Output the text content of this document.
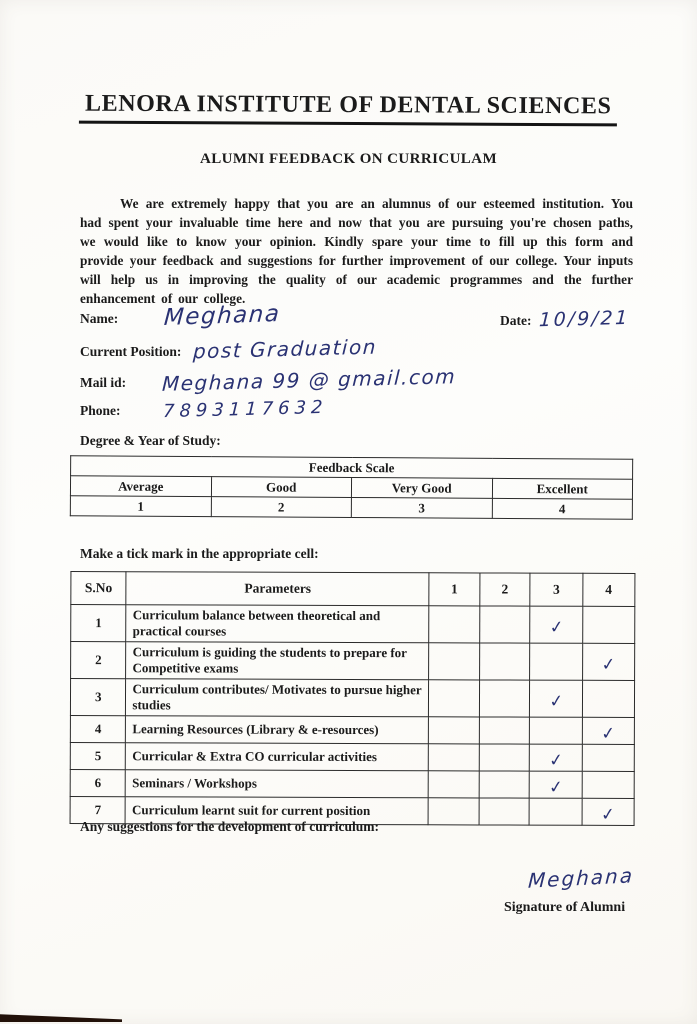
LENORA INSTITUTE OF DENTAL SCIENCES
ALUMNI FEEDBACK ON CURRICULAM

We are extremely happy that you are an alumnus of our esteemed institution. You had spent your invaluable time here and now that you are pursuing you're chosen paths, we would like to know your opinion. Kindly spare your time to fill up this form and provide your feedback and suggestions for further improvement of our college. Your inputs will help us in improving the quality of our academic programmes and the further enhancement of our college.

Name: Meghana	Date: 10/9/21
Current Position: post Graduation
Mail id: Meghana 99 @ gmail.com
Phone: 7893117632
Degree & Year of Study:
Feedback Scale			
Average	Good	Very Good	Excellent
1	2	3	4
Make a tick mark in the appropriate cell:
S.No	Parameters	1	2	3	4
1	Curriculum balance between theoretical and practical courses			✓	
2	Curriculum is guiding the students to prepare for Competitive exams				✓
3	Curriculum contributes/ Motivates to pursue higher studies			✓	
4	Learning Resources (Library & e-resources)				✓
5	Curricular & Extra CO curricular activities			✓	
6	Seminars / Workshops			✓	
7	Curriculum learnt suit for current position				✓
Any suggestions for the development of curriculum:
Meghana
Signature of Alumni
